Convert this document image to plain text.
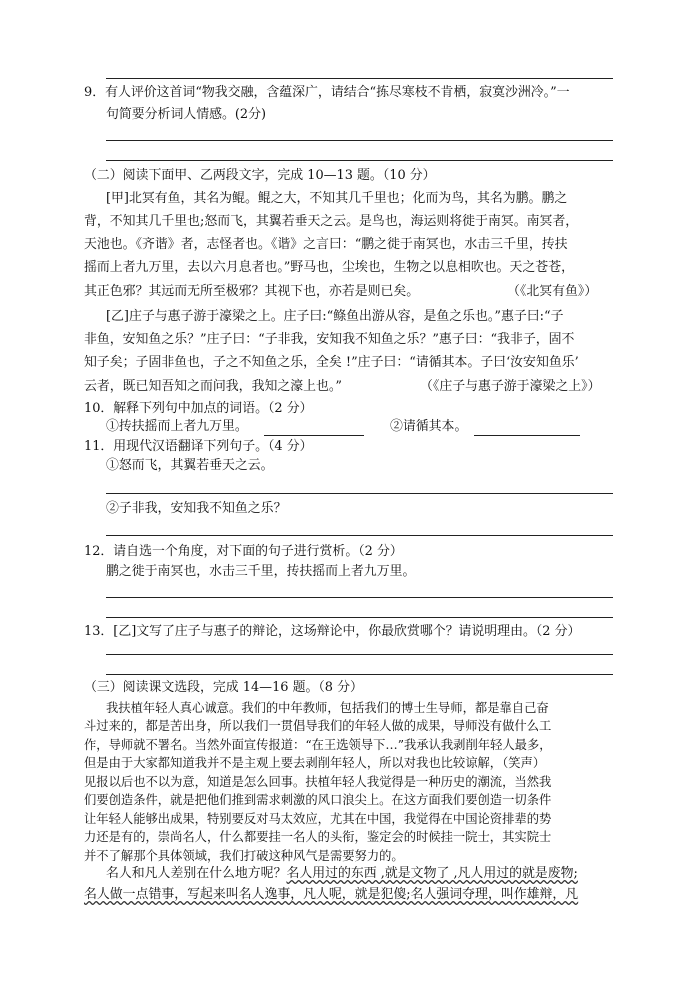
9．有人评价这首词“物我交融，含蕴深广，请结合“拣尽寒枝不肯栖，寂寞沙洲冷。”一
句简要分析词人情感。(2分)
（二）阅读下面甲、乙两段文字，完成 10—13 题。（10 分）
[甲]北冥有鱼，其名为鲲。鲲之大，不知其几千里也；化而为鸟，其名为鹏。鹏之
背，不知其几千里也;怒而飞，其翼若垂天之云。是鸟也，海运则将徙于南冥。南冥者，
天池也。《齐谐》者，志怪者也。《谐》之言曰：“鹏之徙于南冥也，水击三千里，抟扶
摇而上者九万里，去以六月息者也。”野马也，尘埃也，生物之以息相吹也。天之苍苍，
其正色邪？其远而无所至极邪？其视下也，亦若是则已矣。	（《北冥有鱼》）
[乙]庄子与惠子游于濠梁之上。庄子曰:“鲦鱼出游从容，是鱼之乐也。”惠子曰:“子
非鱼，安知鱼之乐？”庄子曰：“子非我，安知我不知鱼之乐？”惠子曰：“我非子，固不
知子矣；子固非鱼也，子之不知鱼之乐，全矣 !”庄子曰：“请循其本。子曰‘汝安知鱼乐’
云者，既已知吾知之而问我，我知之濠上也。”	（《庄子与惠子游于濠梁之上》）
10．解释下列句中加点的词语。（2 分）
①抟扶摇而上者九万里。	②请循其本。
11．用现代汉语翻译下列句子。（4 分）
①怒而飞，其翼若垂天之云。
②子非我，安知我不知鱼之乐？
12．请自选一个角度，对下面的句子进行赏析。（2 分）
鹏之徙于南冥也，水击三千里，抟扶摇而上者九万里。
13．[乙]文写了庄子与惠子的辩论，这场辩论中，你最欣赏哪个？请说明理由。（2 分）
（三）阅读课文选段，完成 14—16 题。（8 分）
我扶植年轻人真心诚意。我们的中年教师，包括我们的博士生导师，都是靠自己奋
斗过来的，都是苦出身，所以我们一贯倡导我们的年轻人做的成果，导师没有做什么工
作，导师就不署名。当然外面宣传报道：“在王选领导下…”我承认我剥削年轻人最多，
但是由于大家都知道我并不是主观上要去剥削年轻人，所以对我也比较谅解，（笑声）
见报以后也不以为意，知道是怎么回事。扶植年轻人我觉得是一种历史的潮流，当然我
们要创造条件，就是把他们推到需求刺激的风口浪尖上。在这方面我们要创造一切条件
让年轻人能够出成果，特别要反对马太效应，尤其在中国，我觉得在中国论资排辈的势
力还是有的，崇尚名人，什么都要挂一名人的头衔，鉴定会的时候挂一院士，其实院士
并不了解那个具体领域，我们打破这种风气是需要努力的。
名人和凡人差别在什么地方呢？名人用过的东西 ,就是文物了 ,凡人用过的就是废物;
名人做一点错事，写起来叫名人逸事，凡人呢，就是犯傻;名人强词夺理，叫作雄辩，凡
